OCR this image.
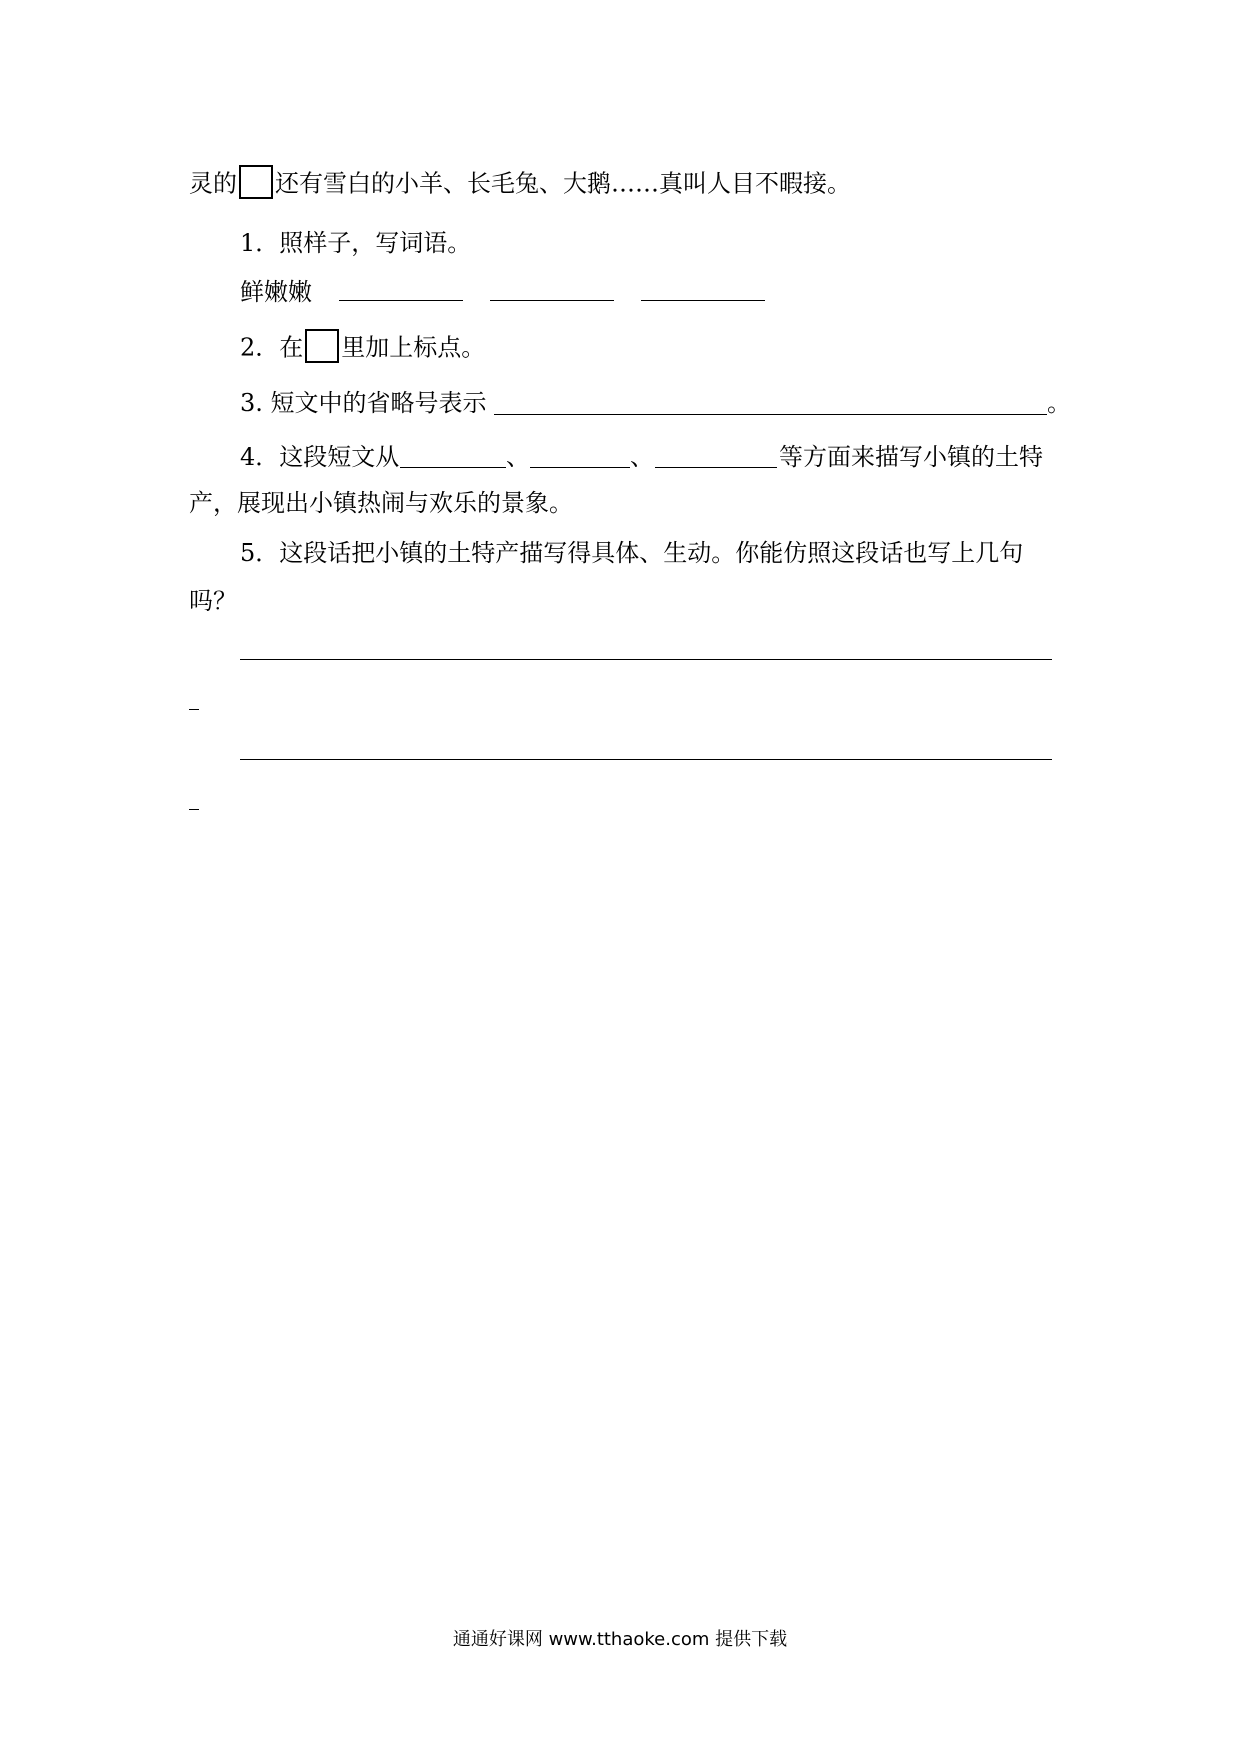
灵的 还有雪白的小羊、长毛兔、大鹅……真叫人目不暇接。
1．照样子，写词语。
鲜嫩嫩
2．在 里加上标点。
3. 短文中的省略号表示	。
4．这段短文从	、	、	等方面来描写小镇的土特
产，展现出小镇热闹与欢乐的景象。
5．这段话把小镇的土特产描写得具体、生动。你能仿照这段话也写上几句
吗？
通通好课网 www.tthaoke.com 提供下载
